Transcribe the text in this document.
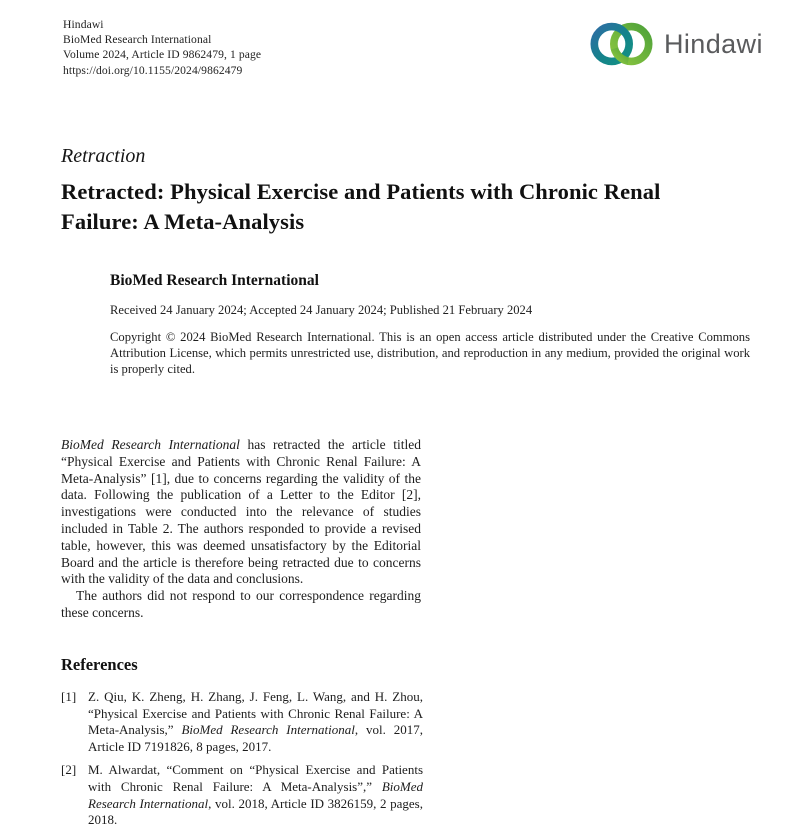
Hindawi
BioMed Research International
Volume 2024, Article ID 9862479, 1 page
https://doi.org/10.1155/2024/9862479
Hindawi
Retraction
Retracted: Physical Exercise and Patients with Chronic Renal Failure: A Meta-Analysis
BioMed Research International
Received 24 January 2024; Accepted 24 January 2024; Published 21 February 2024
Copyright © 2024 BioMed Research International. This is an open access article distributed under the Creative Commons Attribution License, which permits unrestricted use, distribution, and reproduction in any medium, provided the original work is properly cited.

BioMed Research International has retracted the article titled “Physical Exercise and Patients with Chronic Renal Failure: A Meta-Analysis” [1], due to concerns regarding the validity of the data. Following the publication of a Letter to the Editor [2], investigations were conducted into the relevance of studies included in Table 2. The authors responded to provide a revised table, however, this was deemed unsatisfactory by the Editorial Board and the article is therefore being retracted due to concerns with the validity of the data and conclusions.

The authors did not respond to our correspondence regarding these concerns.

References
[1] Z. Qiu, K. Zheng, H. Zhang, J. Feng, L. Wang, and H. Zhou, “Physical Exercise and Patients with Chronic Renal Failure: A Meta-Analysis,” BioMed Research International, vol. 2017, Article ID 7191826, 8 pages, 2017.
[2] M. Alwardat, “Comment on “Physical Exercise and Patients with Chronic Renal Failure: A Meta-Analysis”,” BioMed Research International, vol. 2018, Article ID 3826159, 2 pages, 2018.
